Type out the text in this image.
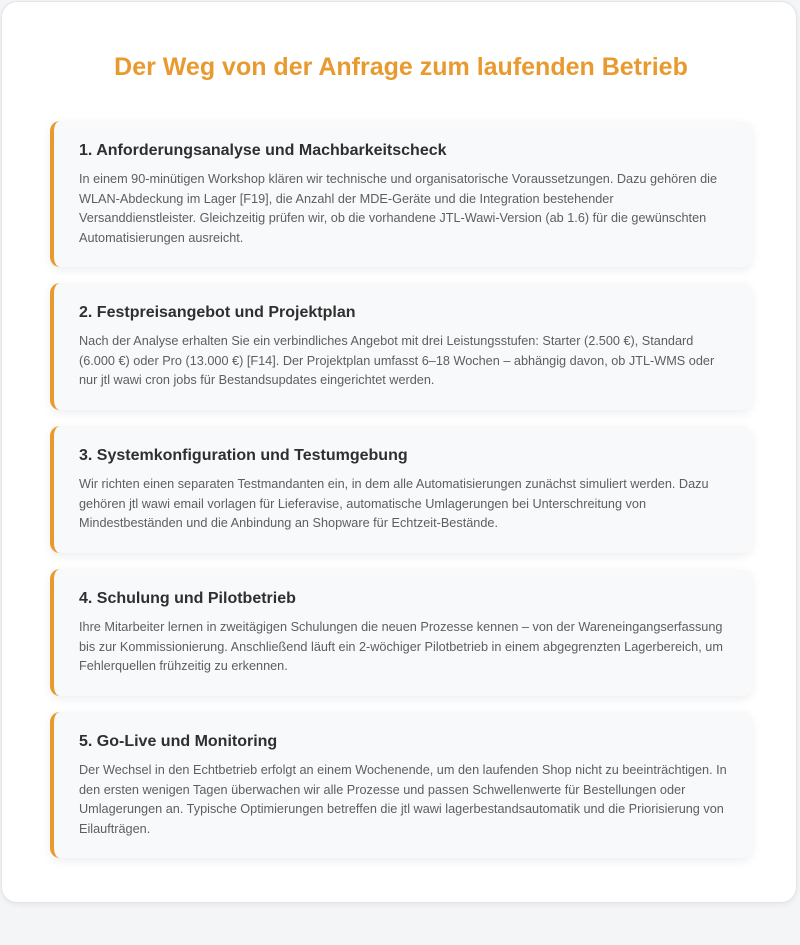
Der Weg von der Anfrage zum laufenden Betrieb
1. Anforderungsanalyse und Machbarkeitscheck

In einem 90-minütigen Workshop klären wir technische und organisatorische Voraussetzungen. Dazu gehören die WLAN-Abdeckung im Lager [F19], die Anzahl der MDE-Geräte und die Integration bestehender Versanddienstleister. Gleichzeitig prüfen wir, ob die vorhandene JTL-Wawi-Version (ab 1.6) für die gewünschten Automatisierungen ausreicht.

2. Festpreisangebot und Projektplan

Nach der Analyse erhalten Sie ein verbindliches Angebot mit drei Leistungsstufen: Starter (2.500 €), Standard (6.000 €) oder Pro (13.000 €) [F14]. Der Projektplan umfasst 6–18 Wochen – abhängig davon, ob JTL-WMS oder nur jtl wawi cron jobs für Bestandsupdates eingerichtet werden.

3. Systemkonfiguration und Testumgebung

Wir richten einen separaten Testmandanten ein, in dem alle Automatisierungen zunächst simuliert werden. Dazu gehören jtl wawi email vorlagen für Lieferavise, automatische Umlagerungen bei Unterschreitung von Mindestbeständen und die Anbindung an Shopware für Echtzeit-Bestände.

4. Schulung und Pilotbetrieb

Ihre Mitarbeiter lernen in zweitägigen Schulungen die neuen Prozesse kennen – von der Wareneingangserfassung bis zur Kommissionierung. Anschließend läuft ein 2-wöchiger Pilotbetrieb in einem abgegrenzten Lagerbereich, um Fehlerquellen frühzeitig zu erkennen.

5. Go-Live und Monitoring

Der Wechsel in den Echtbetrieb erfolgt an einem Wochenende, um den laufenden Shop nicht zu beeinträchtigen. In den ersten wenigen Tagen überwachen wir alle Prozesse und passen Schwellenwerte für Bestellungen oder Umlagerungen an. Typische Optimierungen betreffen die jtl wawi lagerbestandsautomatik und die Priorisierung von Eilaufträgen.
